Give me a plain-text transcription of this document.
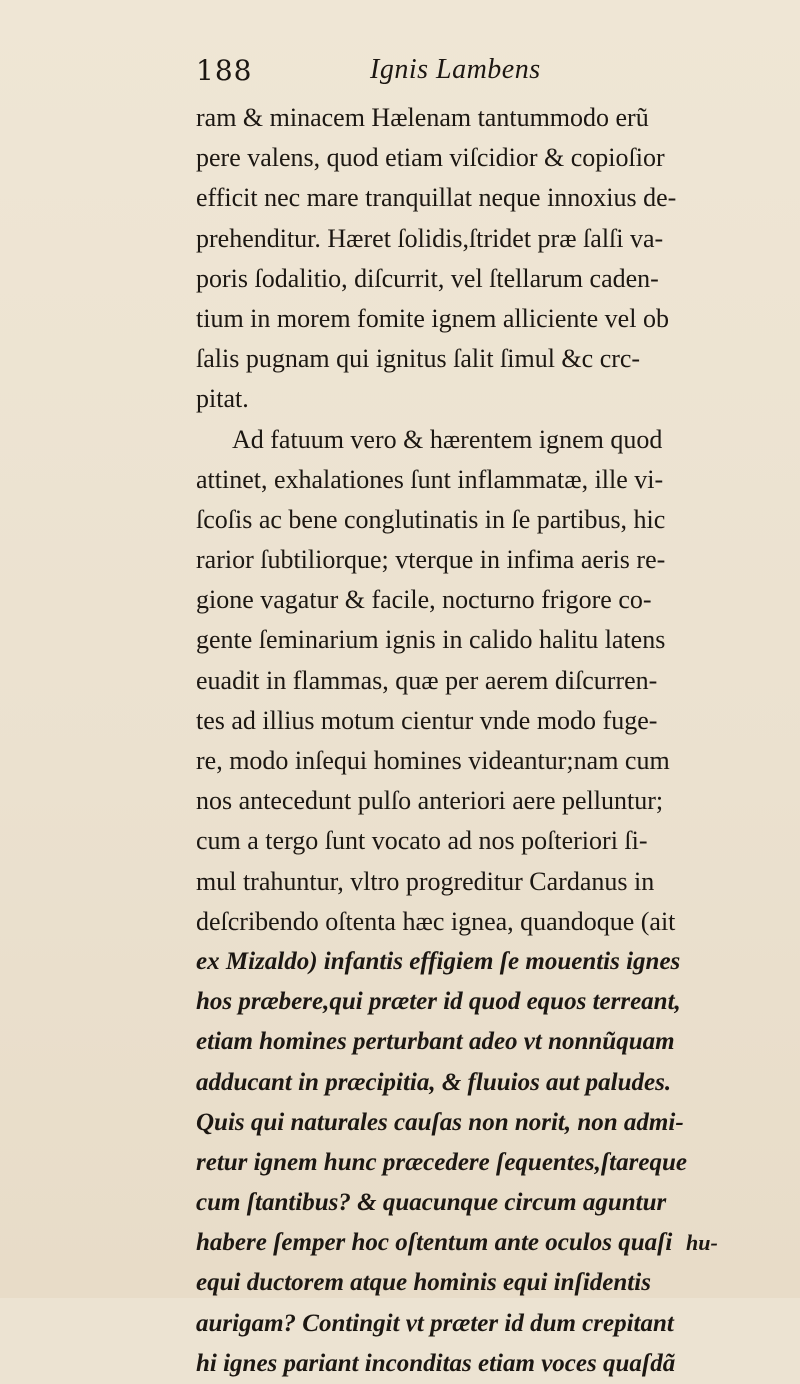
188	Ignis Lambens
ram & minacem Hælenam tantummodo erũ
pere valens, quod etiam viſcidior & copioſior
efficit nec mare tranquillat neque innoxius de-
prehenditur. Hæret ſolidis,ſtridet præ ſalſi va-
poris ſodalitio, diſcurrit, vel ſtellarum caden-
tium in morem fomite ignem alliciente vel ob
ſalis pugnam qui ignitus ſalit ſimul &c crc-
pitat.
Ad fatuum vero & hærentem ignem quod
attinet, exhalationes ſunt inflammatæ, ille vi-
ſcoſis ac bene conglutinatis in ſe partibus, hic
rarior ſubtiliorque; vterque in infima aeris re-
gione vagatur & facile, nocturno frigore co-
gente ſeminarium ignis in calido halitu latens
euadit in flammas, quæ per aerem diſcurren-
tes ad illius motum cientur vnde modo fuge-
re, modo inſequi homines videantur;nam cum
nos antecedunt pulſo anteriori aere pelluntur;
cum a tergo ſunt vocato ad nos poſteriori ſi-
mul trahuntur, vltro progreditur Cardanus in
deſcribendo oſtenta hæc ignea, quandoque (ait
ex Mizaldo) infantis effigiem ſe mouentis ignes
hos præbere,qui præter id quod equos terreant,
etiam homines perturbant adeo vt nonnũquam
adducant in præcipitia, & fluuios aut paludes.
Quis qui naturales cauſas non norit, non admi-
retur ignem hunc præcedere ſequentes,ſtareque
cum ſtantibus? & quacunque circum aguntur
habere ſemper hoc oſtentum ante oculos quaſi
equi ductorem atque hominis equi inſidentis
aurigam? Contingit vt præter id dum crepitant
hi ignes pariant inconditas etiam voces quaſdã
hu-
